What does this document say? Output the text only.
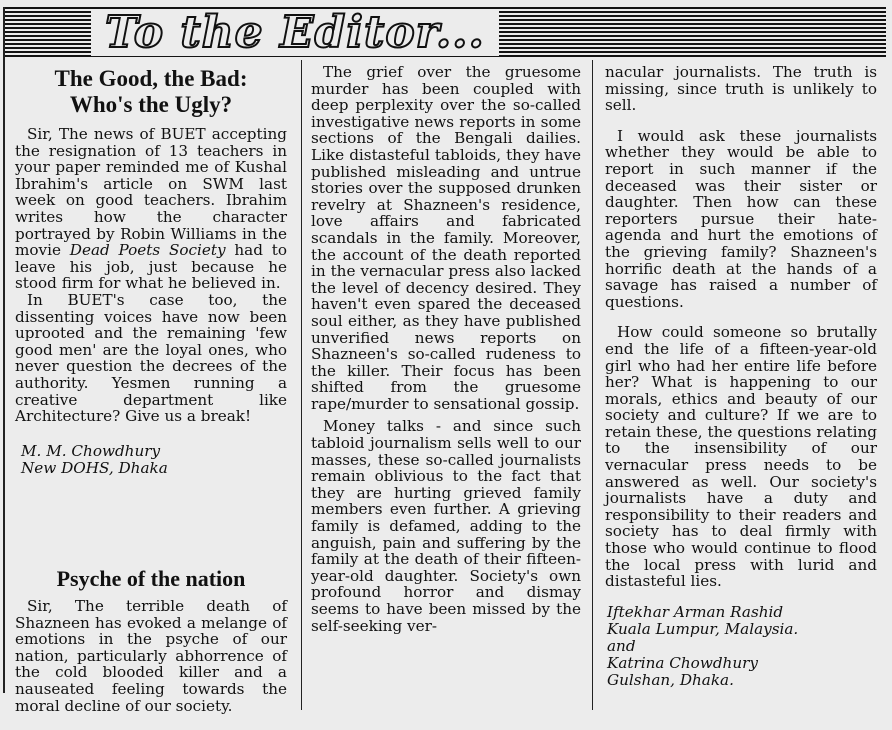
To the Editor...
The Good, the Bad:
Who's the Ugly?

Sir, The news of BUET accepting the resignation of 13 teachers in your paper reminded me of Kushal Ibrahim's article on SWM last week on good teachers. Ibrahim writes how the character portrayed by Robin Williams in the movie Dead Poets Society had to leave his job, just because he stood firm for what he believed in.

In BUET's case too, the dissenting voices have now been uprooted and the remaining 'few good men' are the loyal ones, who never question the decrees of the authority. Yesmen running a creative department like Architecture? Give us a break!

M. M. Chowdhury
New DOHS, Dhaka
Psyche of the nation

Sir, The terrible death of Shazneen has evoked a melange of emotions in the psyche of our nation, particularly abhorrence of the cold blooded killer and a nauseated feeling towards the moral decline of our society.

The grief over the gruesome murder has been coupled with deep perplexity over the so-called investigative news reports in some sections of the Bengali dailies. Like distasteful tabloids, they have published misleading and untrue stories over the supposed drunken revelry at Shazneen's residence, love affairs and fabricated scandals in the family. Moreover, the account of the death reported in the vernacular press also lacked the level of decency desired. They haven't even spared the deceased soul either, as they have published unverified news reports on Shazneen's so-called rudeness to the killer. Their focus has been shifted from the gruesome rape/murder to sensational gossip.

Money talks - and since such tabloid journalism sells well to our masses, these so-called journalists remain oblivious to the fact that they are hurting grieved family members even further. A grieving family is defamed, adding to the anguish, pain and suffering by the family at the death of their fifteen-year-old daughter. Society's own profound horror and dismay seems to have been missed by the self-seeking ver-

nacular journalists. The truth is missing, since truth is unlikely to sell.

I would ask these journalists whether they would be able to report in such manner if the deceased was their sister or daughter. Then how can these reporters pursue their hate-agenda and hurt the emotions of the grieving family? Shazneen's horrific death at the hands of a savage has raised a number of questions.

How could someone so brutally end the life of a fifteen-year-old girl who had her entire life before her? What is happening to our morals, ethics and beauty of our society and culture? If we are to retain these, the questions relating to the insensibility of our vernacular press needs to be answered as well. Our society's journalists have a duty and responsibility to their readers and society has to deal firmly with those who would continue to flood the local press with lurid and distasteful lies.

Iftekhar Arman Rashid
Kuala Lumpur, Malaysia.
and
Katrina Chowdhury
Gulshan, Dhaka.
